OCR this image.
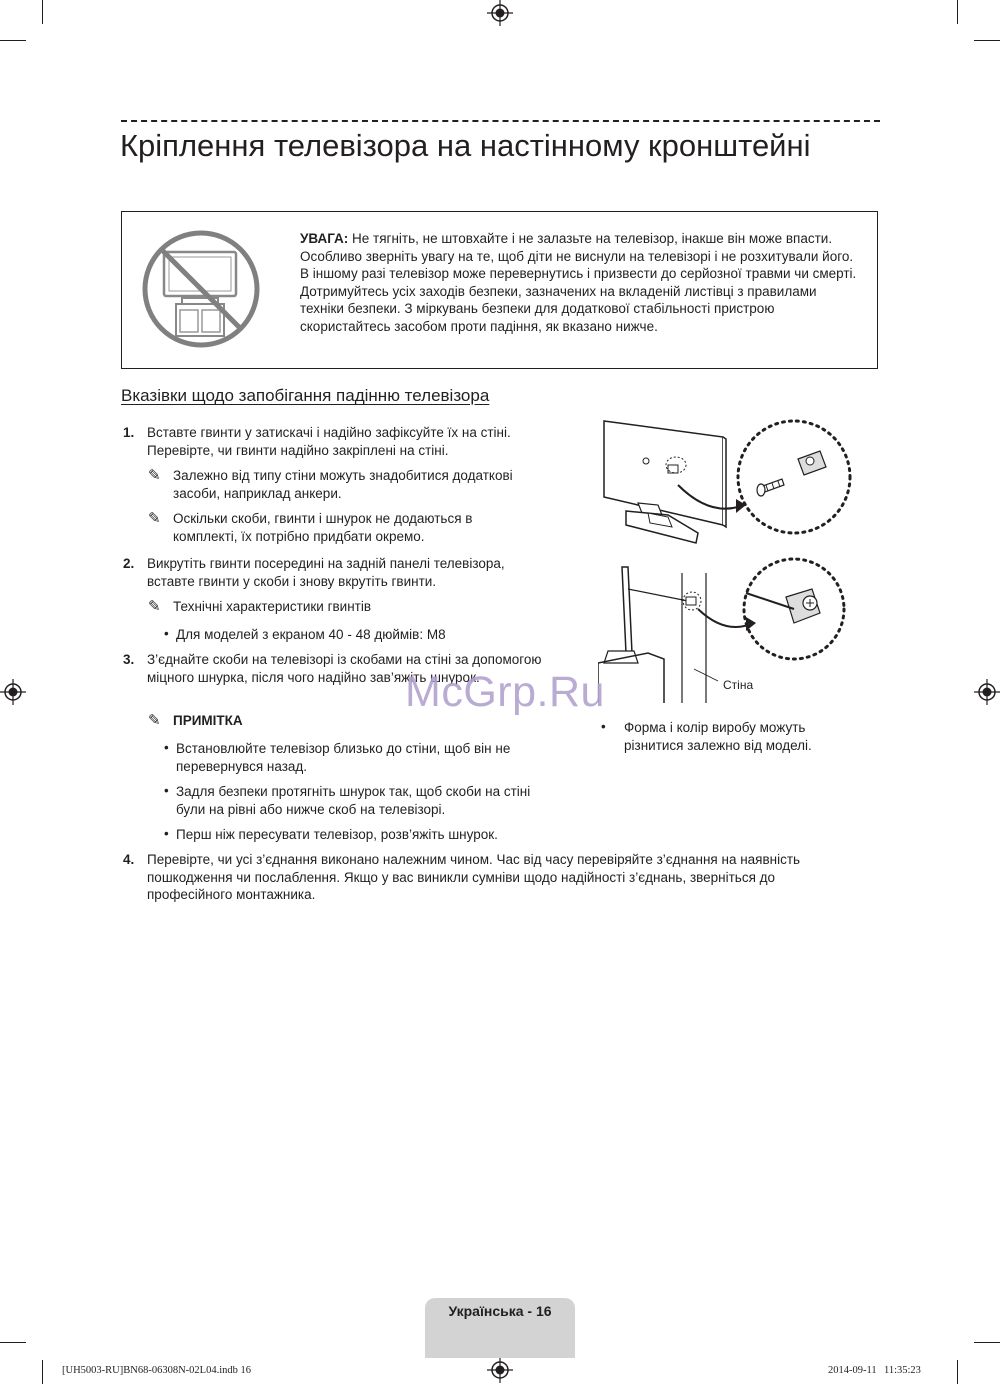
Кріплення телевізора на настінному кронштейні
УВАГА: Не тягніть, не штовхайте і не залазьте на телевізор, інакше він може впасти. Особливо зверніть увагу на те, щоб діти не виснули на телевізорі і не розхитували його. В іншому разі телевізор може перевернутись і призвести до серйозної травми чи смерті. Дотримуйтесь усіх заходів безпеки, зазначених на вкладеній листівці з правилами техніки безпеки. З міркувань безпеки для додаткової стабільності пристрою скористайтесь засобом проти падіння, як вказано нижче.
Вказівки щодо запобігання падінню телевізора
1. Вставте гвинти у затискачі і надійно зафіксуйте їх на стіні. Перевірте, чи гвинти надійно закріплені на стіні.
✎ Залежно від типу стіни можуть знадобитися додаткові засоби, наприклад анкери.
✎ Оскільки скоби, гвинти і шнурок не додаються в комплекті, їх потрібно придбати окремо.
2. Викрутіть гвинти посередині на задній панелі телевізора, вставте гвинти у скоби і знову вкрутіть гвинти.
✎ Технічні характеристики гвинтів
• Для моделей з екраном 40 - 48 дюймів: M8
3. З’єднайте скоби на телевізорі із скобами на стіні за допомогою міцного шнурка, після чого надійно зав’яжіть шнурок.
✎ ПРИМІТКА
• Встановлюйте телевізор близько до стіни, щоб він не перевернувся назад.
• Задля безпеки протягніть шнурок так, щоб скоби на стіні були на рівні або нижче скоб на телевізорі.
• Перш ніж пересувати телевізор, розв’яжіть шнурок.
4. Перевірте, чи усі з’єднання виконано належним чином. Час від часу перевіряйте з’єднання на наявність пошкодження чи послаблення. Якщо у вас виникли сумніви щодо надійності з’єднань, зверніться до професійного монтажника.
Стіна
• Форма і колір виробу можуть різнитися залежно від моделі.
McGrp.Ru
Українська - 16
[UH5003-RU]BN68-06308N-02L04.indb 16	2014-09-11   11:35:23
